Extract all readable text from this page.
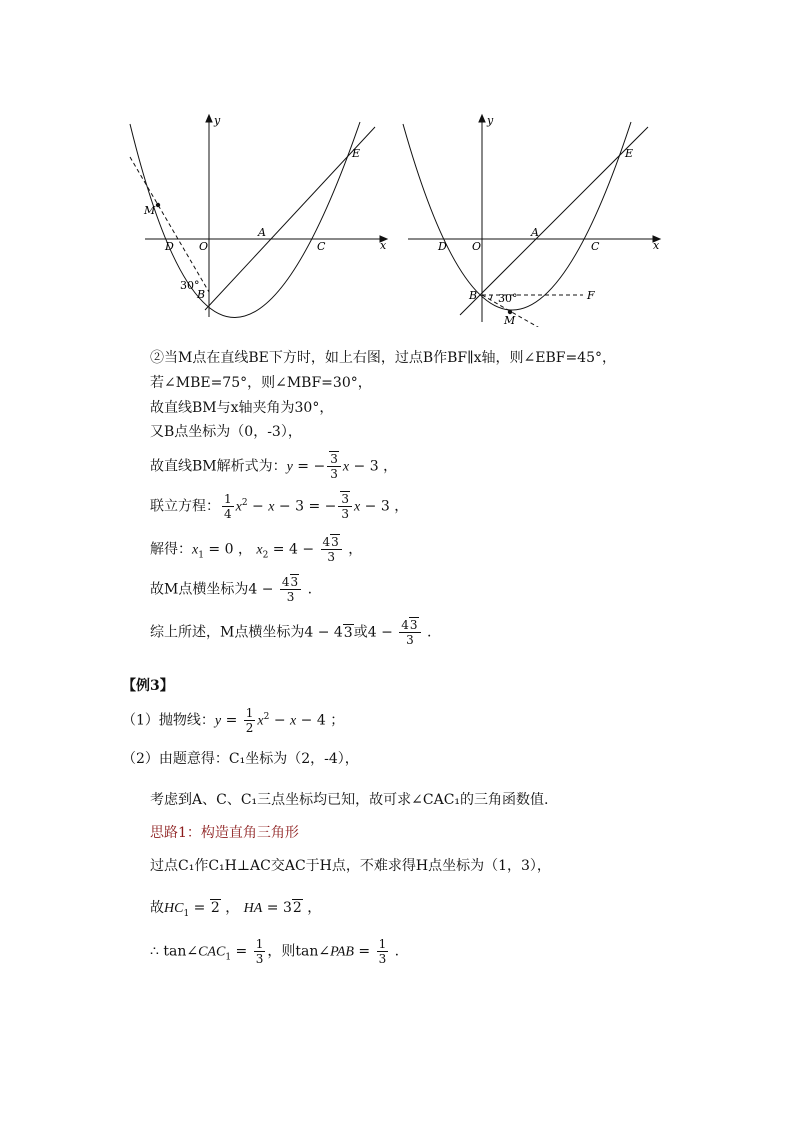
y
x
M
D O
A
C
E
B
30°
y
x
D O
A
C
E
B	F
M
30°
②当M点在直线BE下方时，如上右图，过点B作BF∥x轴，则∠EBF=45°，
若∠MBE=75°，则∠MBF=30°，
故直线BM与x轴夹角为30°，
又B点坐标为（0，-3），
故直线BM解析式为：y = − $\frac{3}{3}$ x − 3 ，
联立方程： $\frac{1}{4} x^2 - x - 3$ = − $\frac{3}{3}$ x − 3 ，
解得：$x_1 = 0$ ， $x_2 = 4 - \frac{43}{3}$ ，
故M点横坐标为$4 - \frac{43}{3}$ .
综上所述，M点横坐标为4 − 43或$4 - \frac{43}{3}$ .
【例3】
（1）抛物线：$y = \frac{1}{2} x^2 - x - 4$ ；
（2）由题意得：C₁坐标为（2，-4），
考虑到A、C、C₁三点坐标均已知，故可求∠CAC₁的三角函数值.
思路1：构造直角三角形
过点C₁作C₁H⊥AC交AC于H点，不难求得H点坐标为（1，3），
故$HC_1 = 2$ ， HA = 32 ，
∴ $\tan\angle CAC_1 = \frac{1}{3}$ ，则tan∠PAB = $\frac{1}{3}$ .
